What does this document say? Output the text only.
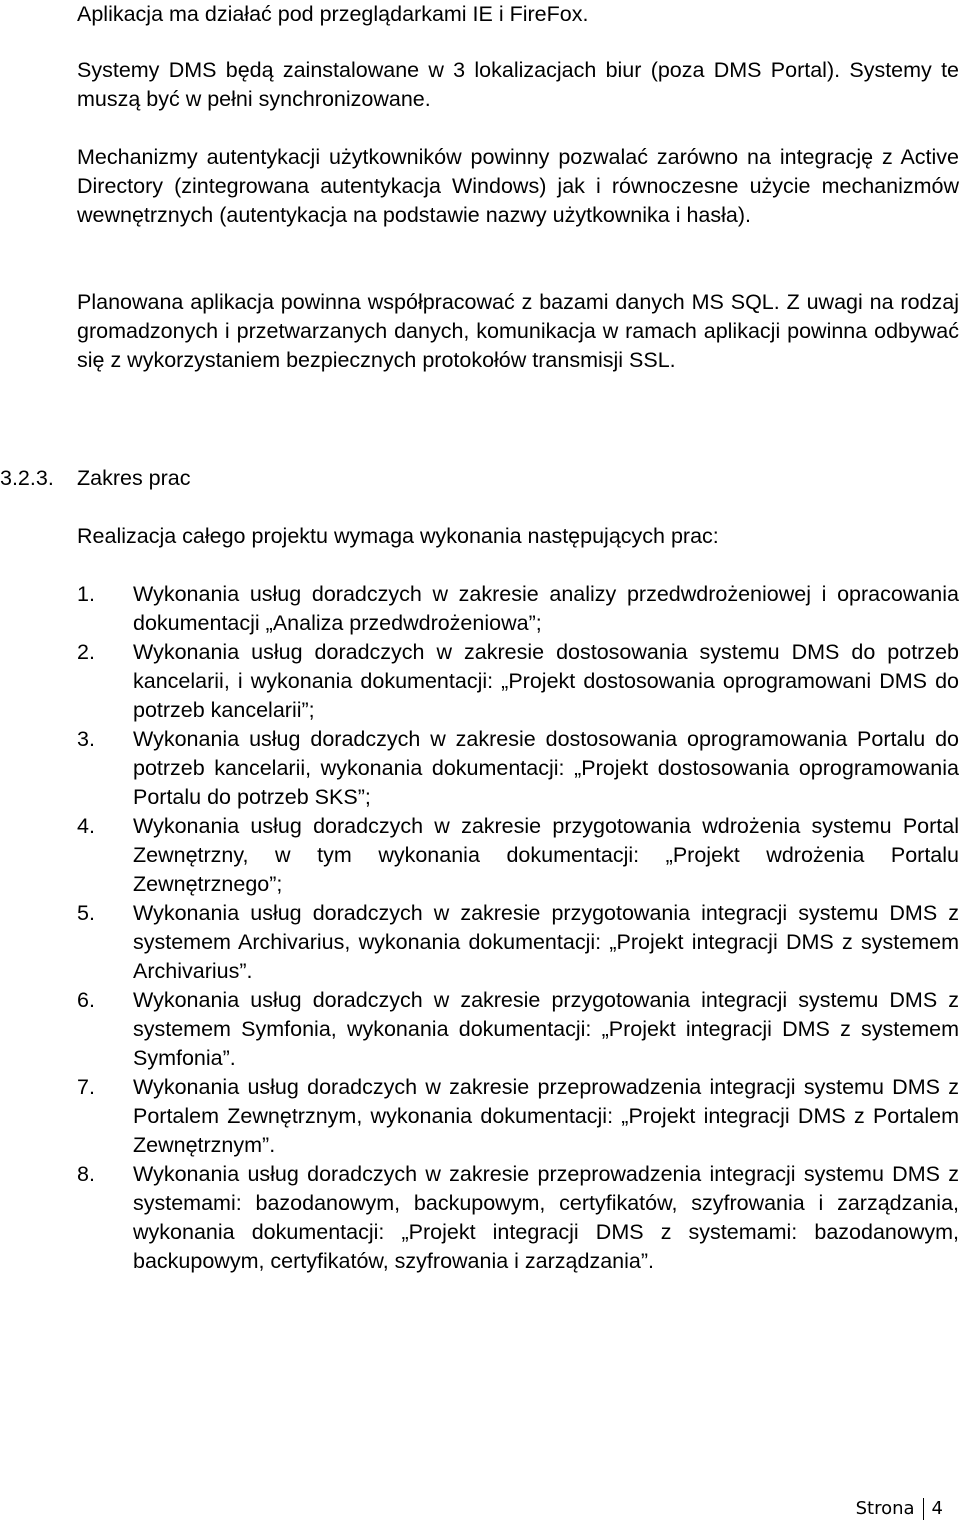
Aplikacja ma działać pod przeglądarkami IE i FireFox.

Systemy DMS będą zainstalowane w 3 lokalizacjach biur (poza DMS Portal). Systemy te muszą być w pełni synchronizowane.

Mechanizmy autentykacji użytkowników powinny pozwalać zarówno na integrację z Active Directory (zintegrowana autentykacja Windows) jak i równoczesne użycie mechanizmów wewnętrznych (autentykacja na podstawie nazwy użytkownika i hasła).

Planowana aplikacja powinna współpracować z bazami danych MS SQL. Z uwagi na rodzaj gromadzonych i przetwarzanych danych, komunikacja w ramach aplikacji powinna odbywać się z wykorzystaniem bezpiecznych protokołów transmisji SSL.

3.2.3. Zakres prac

Realizacja całego projektu wymaga wykonania następujących prac:

1. Wykonania usług doradczych w zakresie analizy przedwdrożeniowej i opracowania dokumentacji „Analiza przedwdrożeniowa”;
2. Wykonania usług doradczych w zakresie dostosowania systemu DMS do potrzeb kancelarii, i wykonania dokumentacji: „Projekt dostosowania oprogramowani DMS do potrzeb kancelarii”;
3. Wykonania usług doradczych w zakresie dostosowania oprogramowania Portalu do potrzeb kancelarii, wykonania dokumentacji: „Projekt dostosowania oprogramowania Portalu do potrzeb SKS”;
4. Wykonania usług doradczych w zakresie przygotowania wdrożenia systemu Portal Zewnętrzny, w tym wykonania dokumentacji: „Projekt wdrożenia Portalu Zewnętrznego”;
5. Wykonania usług doradczych w zakresie przygotowania integracji systemu DMS z systemem Archivarius, wykonania dokumentacji: „Projekt integracji DMS z systemem Archivarius”.
6. Wykonania usług doradczych w zakresie przygotowania integracji systemu DMS z systemem Symfonia, wykonania dokumentacji: „Projekt integracji DMS z systemem Symfonia”.
7. Wykonania usług doradczych w zakresie przeprowadzenia integracji systemu DMS z Portalem Zewnętrznym, wykonania dokumentacji: „Projekt integracji DMS z Portalem Zewnętrznym”.
8. Wykonania usług doradczych w zakresie przeprowadzenia integracji systemu DMS z systemami: bazodanowym, backupowym, certyfikatów, szyfrowania i zarządzania, wykonania dokumentacji: „Projekt integracji DMS z systemami: bazodanowym, backupowym, certyfikatów, szyfrowania i zarządzania”.
Strona 4
